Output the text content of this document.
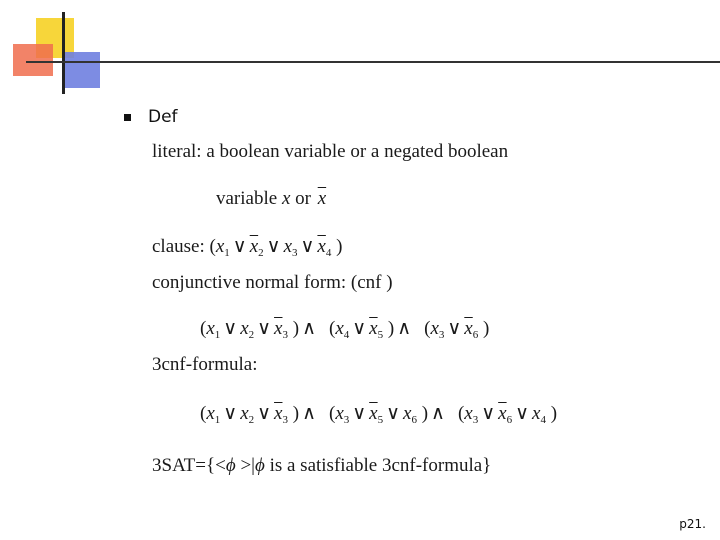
Def
literal: a boolean variable or a negated boolean
variable x or $\overline{x}$
clause: ($x_1$ ∨ $\overline{x}_2$ ∨ $x_3$ ∨ $\overline{x}_4$ )
conjunctive normal form: (cnf )
($x_1$ ∨ $x_2$ ∨ $\overline{x}_3$ ) ∧ ($x_4$ ∨ $\overline{x}_5$ ) ∧ ($x_3$ ∨ $\overline{x}_6$ )
3cnf-formula:
($x_1$ ∨ $x_2$ ∨ $\overline{x}_3$ ) ∧ ($x_3$ ∨ $\overline{x}_5$ ∨ $x_6$ ) ∧ ($x_3$ ∨ $\overline{x}_6$ ∨ $x_4$ )
3SAT={<ϕ >|ϕ is a satisfiable 3cnf-formula}
p21.
